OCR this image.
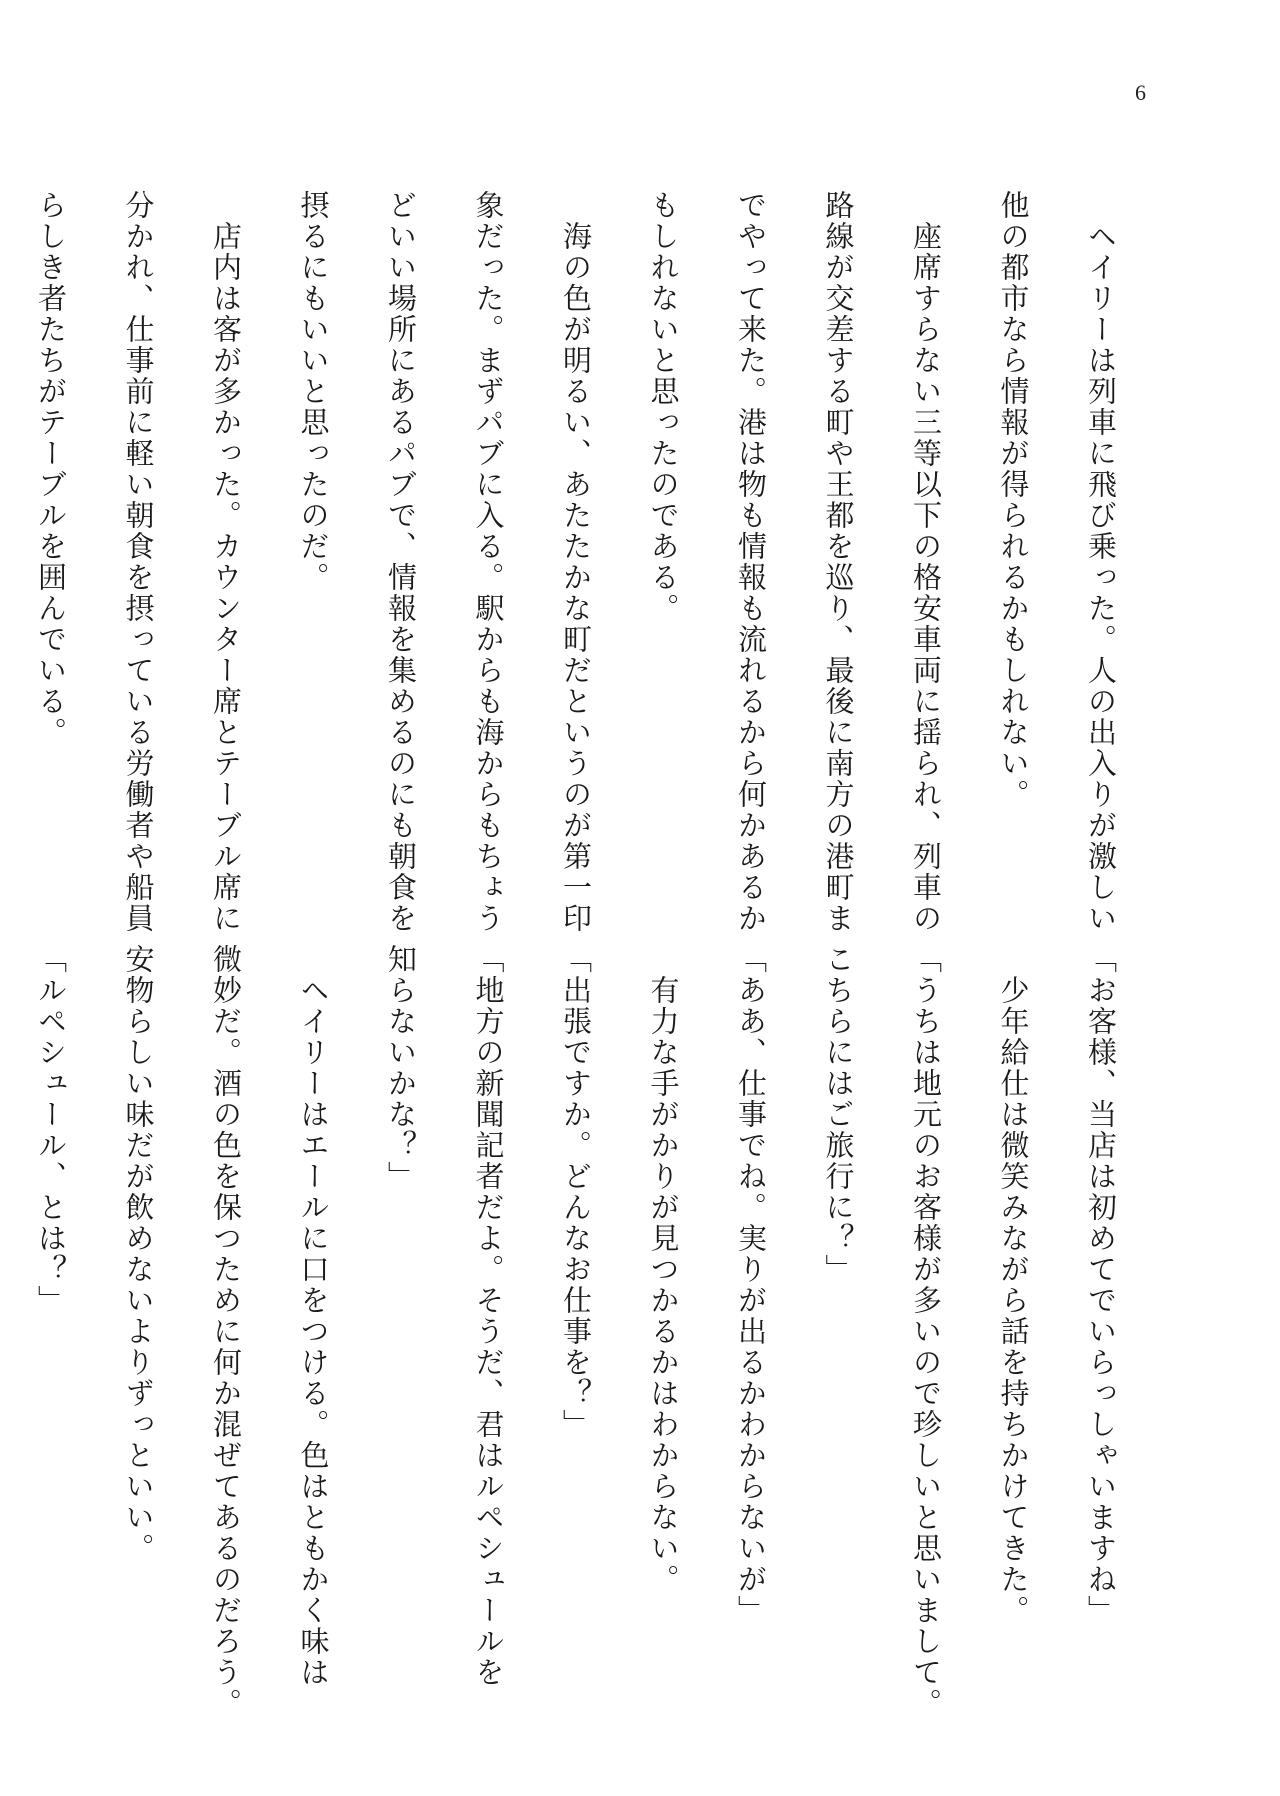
6
　ヘイリーは列車に飛び乗った。人の出入りが激しい
他の都市なら情報が得られるかもしれない。
　座席すらない三等以下の格安車両に揺られ、列車の
路線が交差する町や王都を巡り、最後に南方の港町ま
でやって来た。港は物も情報も流れるから何かあるか
もしれないと思ったのである。
　海の色が明るい、あたたかな町だというのが第一印
象だった。まずパブに入る。駅からも海からもちょう
どいい場所にあるパブで、情報を集めるのにも朝食を
摂るにもいいと思ったのだ。
　店内は客が多かった。カウンター席とテーブル席に
分かれ、仕事前に軽い朝食を摂っている労働者や船員
らしき者たちがテーブルを囲んでいる。
「お客様、当店は初めてでいらっしゃいますね」
　少年給仕は微笑みながら話を持ちかけてきた。
「うちは地元のお客様が多いので珍しいと思いまして。
こちらにはご旅行に？」
「ああ、仕事でね。実りが出るかわからないが」
　有力な手がかりが見つかるかはわからない。
「出張ですか。どんなお仕事を？」
「地方の新聞記者だよ。そうだ、君はルペシュールを
知らないかな？」
　ヘイリーはエールに口をつける。色はともかく味は
微妙だ。酒の色を保つために何か混ぜてあるのだろう。
安物らしい味だが飲めないよりずっといい。
「ルペシュール、とは？」
